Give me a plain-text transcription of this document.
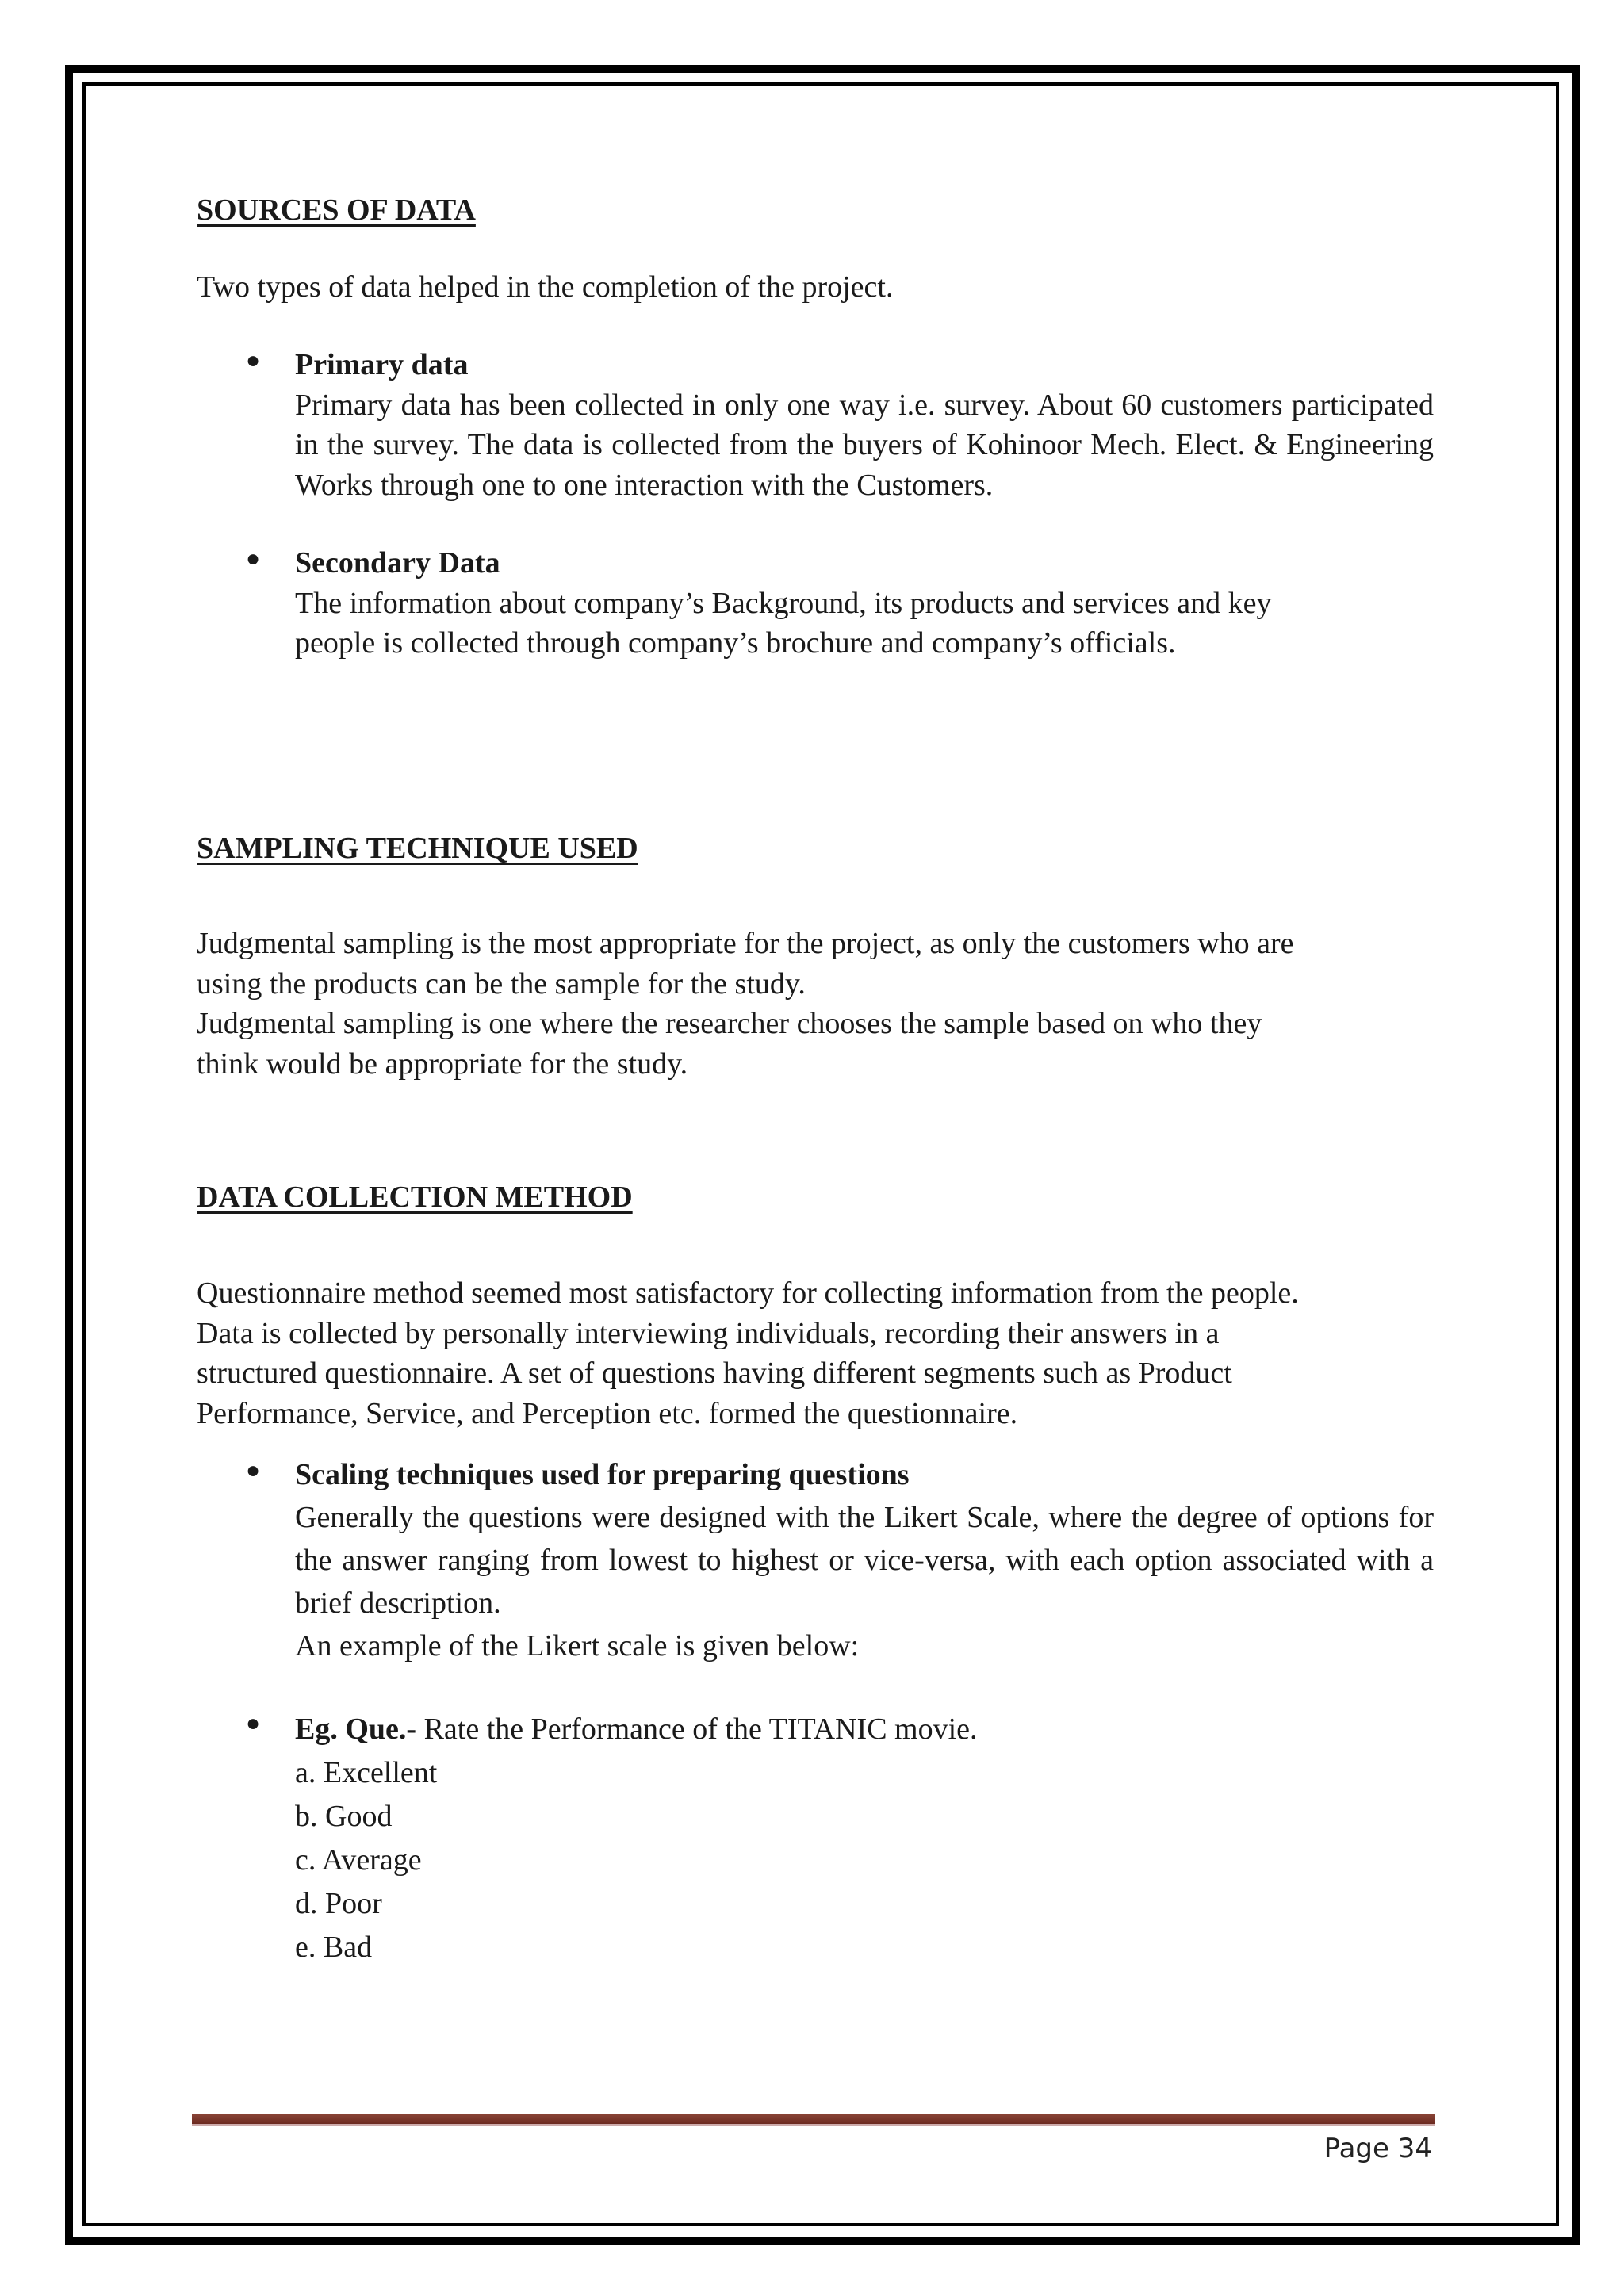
SOURCES OF DATA

Two types of data helped in the completion of the project.

● Primary data

Primary data has been collected in only one way i.e. survey. About 60 customers participated in the survey. The data is collected from the buyers of Kohinoor Mech. Elect. & Engineering Works through one to one interaction with the Customers.

● Secondary Data

The information about company’s Background, its products and services and key

people is collected through company’s brochure and company’s officials.

SAMPLING TECHNIQUE USED

Judgmental sampling is the most appropriate for the project, as only the customers who are

using the products can be the sample for the study.

Judgmental sampling is one where the researcher chooses the sample based on who they

think would be appropriate for the study.

DATA COLLECTION METHOD

Questionnaire method seemed most satisfactory for collecting information from the people.

Data is collected by personally interviewing individuals, recording their answers in a

structured questionnaire. A set of questions having different segments such as Product

Performance, Service, and Perception etc. formed the questionnaire.

● Scaling techniques used for preparing questions

Generally the questions were designed with the Likert Scale, where the degree of options for the answer ranging from lowest to highest or vice-versa, with each option associated with a brief description.

An example of the Likert scale is given below:

● Eg. Que.- Rate the Performance of the TITANIC movie.

a. Excellent

b. Good

c. Average

d. Poor

e. Bad

Page 34
